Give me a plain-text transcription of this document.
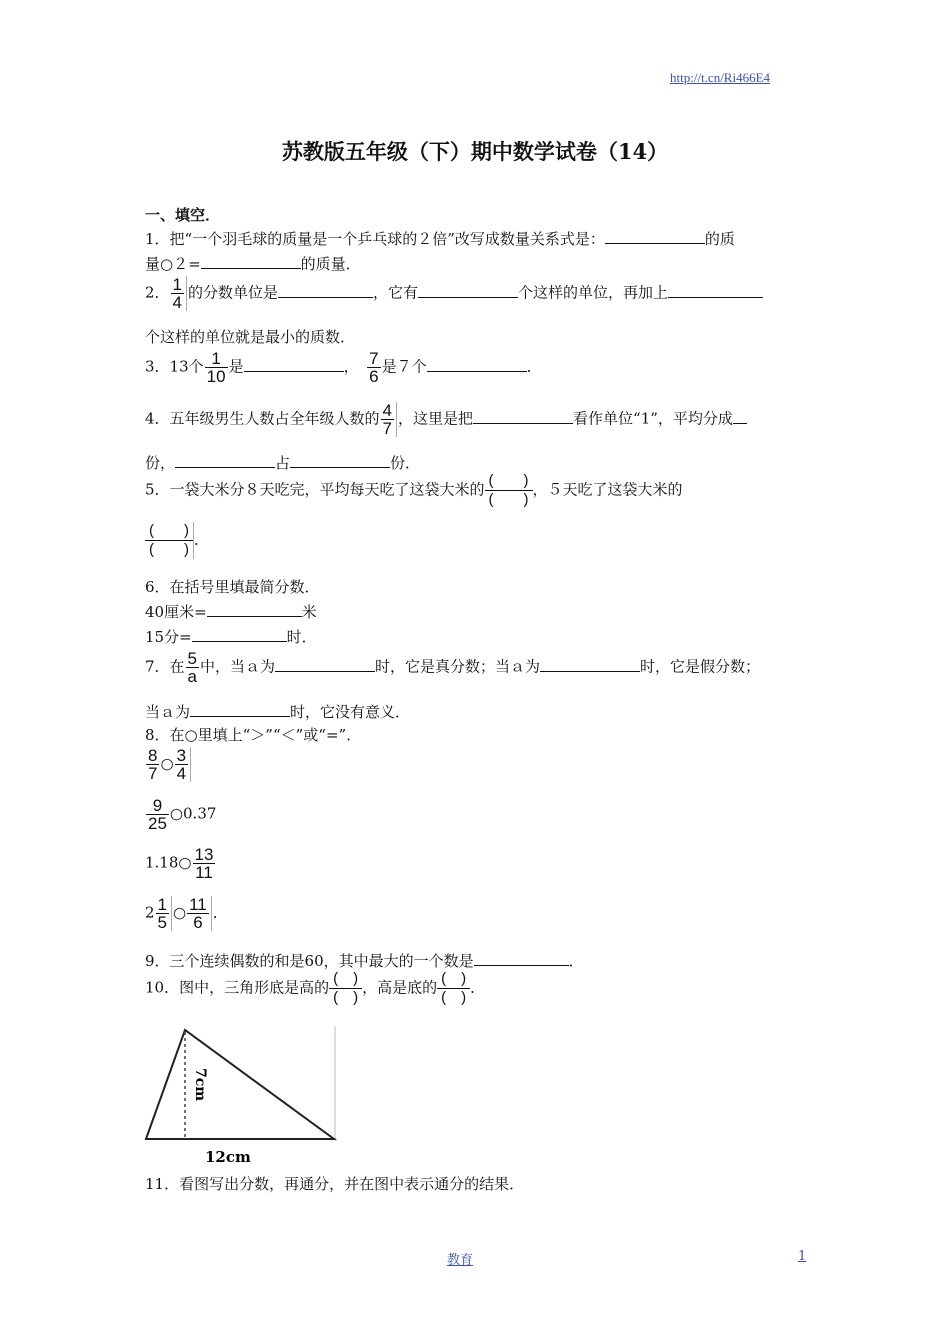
http://t.cn/Ri466E4
苏教版五年级（下）期中数学试卷（14）
一、填空．
1．把“一个羽毛球的质量是一个乒乓球的２倍”改写成数量关系式是：	的质
量○２=	的质量．
2． $\frac{1}{4}$ 的分数单位是	，它有	个这样的单位，再加上
个这样的单位就是最小的质数．
3．13个 $\frac{1}{10}$ 是	，　 $\frac{7}{6}$ 是７个	．
4．五年级男生人数占全年级人数的 $\frac{4}{7}$ ，这里是把	看作单位“1”，平均分成
份，	占	份．
5．一袋大米分８天吃完，平均每天吃了这袋大米的 (　　)
(　　)
，５天吃了这袋大米的
(　　)
(　　)
．
6．在括号里填最简分数．
40厘米=	米
15分=	时．
7．在 $\frac{5}{a}$ 中，当ａ为	时，它是真分数；当ａ为	时，它是假分数；
当ａ为	时，它没有意义．
8．在○里填上“＞”“＜”或“=”．
$\frac{8}{7}$ ○ $\frac{3}{4}$
$\frac{9}{25}$ ○0.37
1.18○ $\frac{13}{11}$
$2 \frac{1}{5}$ ○ $\frac{11}{6}$ ．
9．三个连续偶数的和是60，其中最大的一个数是	．
10．图中，三角形底是高的 (　)
(　)
，高是底的 (　)
(　)
．
7cm
12cm
11．看图写出分数，再通分，并在图中表示通分的结果．
教育	1
